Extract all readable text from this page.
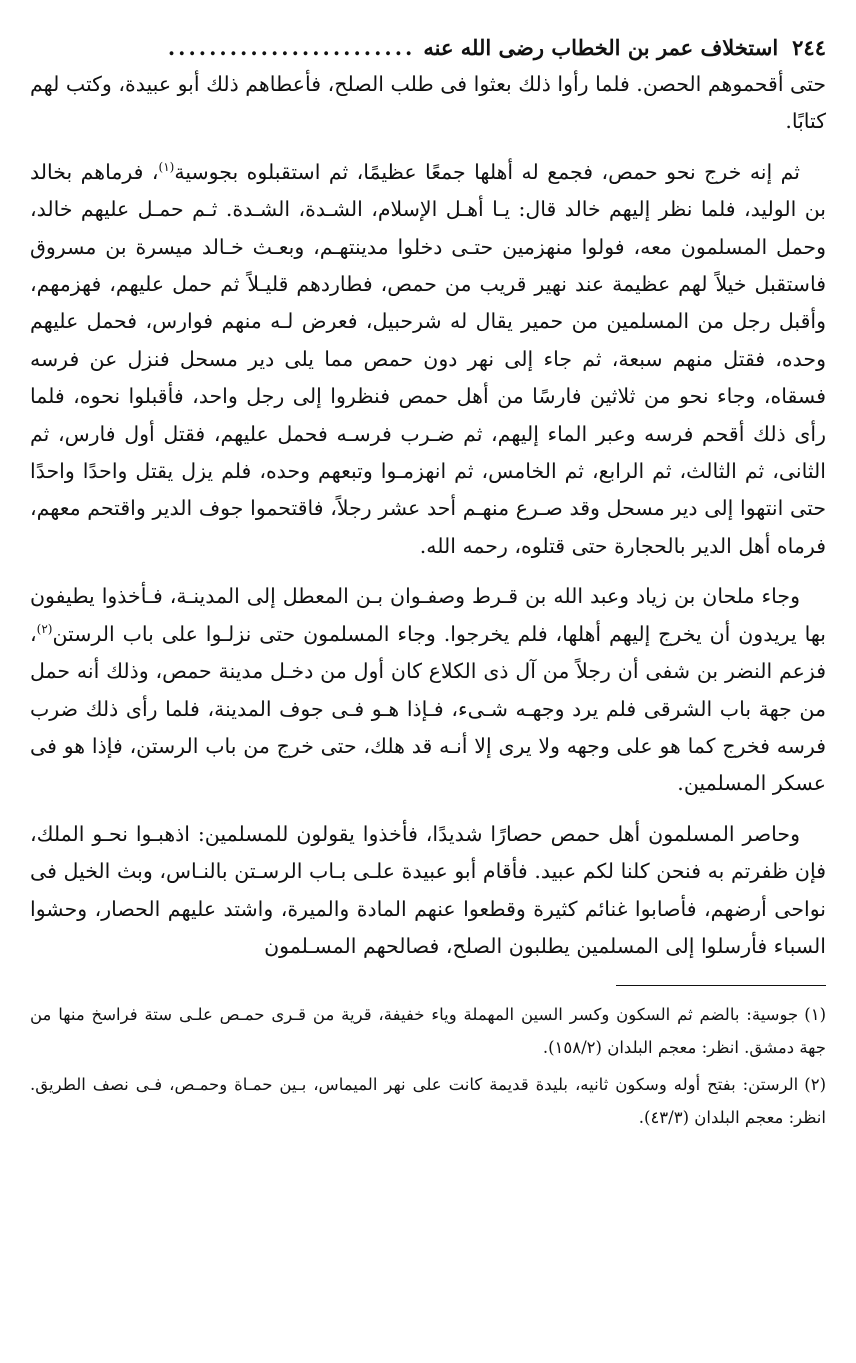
٢٤٤
استخلاف عمر بن الخطاب رضى الله عنه
........................

حتى أقحموهم الحصن. فلما رأوا ذلك بعثوا فى طلب الصلح، فأعطاهم ذلك أبو عبيدة، وكتب لهم كتابًا.

ثم إنه خرج نحو حمص، فجمع له أهلها جمعًا عظيمًا، ثم استقبلوه بجوسية$^{(١)}$، فرماهم بخالد بن الوليد، فلما نظر إليهم خالد قال: يـا أهـل الإسلام، الشـدة، الشـدة. ثـم حمـل عليهم خالد، وحمل المسلمون معه، فولوا منهزمين حتـى دخلوا مدينتهـم، وبعـث خـالد ميسرة بن مسروق فاستقبل خيلاً لهم عظيمة عند نهير قريب من حمص، فطاردهم قليـلاً ثم حمل عليهم، فهزمهم، وأقبل رجل من المسلمين من حمير يقال له شرحبيل، فعرض لـه منهم فوارس، فحمل عليهم وحده، فقتل منهم سبعة، ثم جاء إلى نهر دون حمص مما يلى دير مسحل فنزل عن فرسه فسقاه، وجاء نحو من ثلاثين فارسًا من أهل حمص فنظروا إلى رجل واحد، فأقبلوا نحوه، فلما رأى ذلك أقحم فرسه وعبر الماء إليهم، ثم ضـرب فرسـه فحمل عليهم، فقتل أول فارس، ثم الثانى، ثم الثالث، ثم الرابع، ثم الخامس، ثم انهزمـوا وتبعهم وحده، فلم يزل يقتل واحدًا واحدًا حتى انتهوا إلى دير مسحل وقد صـرع منهـم أحد عشر رجلاً، فاقتحموا جوف الدير واقتحم معهم، فرماه أهل الدير بالحجارة حتى قتلوه، رحمه الله.

وجاء ملحان بن زياد وعبد الله بن قـرط وصفـوان بـن المعطل إلى المدينـة، فـأخذوا يطيفون بها يريدون أن يخرج إليهم أهلها، فلم يخرجوا. وجاء المسلمون حتى نزلـوا على باب الرستن$^{(٢)}$، فزعم النضر بن شفى أن رجلاً من آل ذى الكلاع كان أول من دخـل مدينة حمص، وذلك أنه حمل من جهة باب الشرقى فلم يرد وجهـه شـىء، فـإذا هـو فـى جوف المدينة، فلما رأى ذلك ضرب فرسه فخرج كما هو على وجهه ولا يرى إلا أنـه قد هلك، حتى خرج من باب الرستن، فإذا هو فى عسكر المسلمين.

وحاصر المسلمون أهل حمص حصارًا شديدًا، فأخذوا يقولون للمسلمين: اذهبـوا نحـو الملك، فإن ظفرتم به فنحن كلنا لكم عبيد. فأقام أبو عبيدة علـى بـاب الرسـتن بالنـاس، وبث الخيل فى نواحى أرضهم، فأصابوا غنائم كثيرة وقطعوا عنهم المادة والميرة، واشتد عليهم الحصار، وحشوا السباء فأرسلوا إلى المسلمين يطلبون الصلح، فصالحهم المسـلمون

(١)جوسية: بالضم ثم السكون وكسر السين المهملة وياء خفيفة، قرية من قـرى حمـص علـى ستة فراسخ منها من جهة دمشق. انظر: معجم البلدان (١٥٨/٢).

(٢)الرستن: بفتح أوله وسكون ثانيه، بليدة قديمة كانت على نهر الميماس، بـين حمـاة وحمـص، فـى نصف الطريق. انظر: معجم البلدان (٤٣/٣).
